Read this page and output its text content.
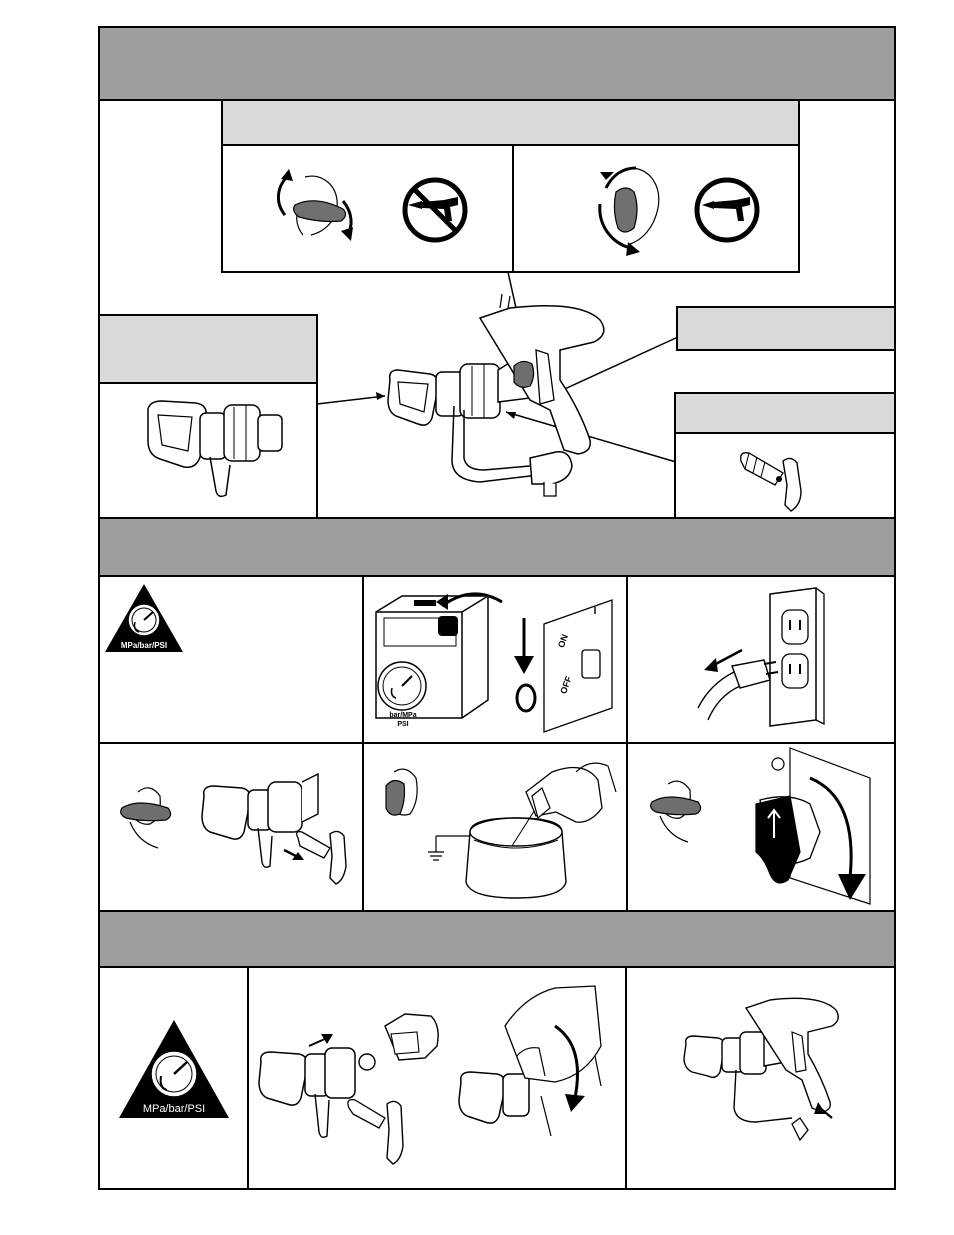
MPa/bar/PSI	ON
OFF
I
bar/MPa
PSI
MPa/bar/PSI
